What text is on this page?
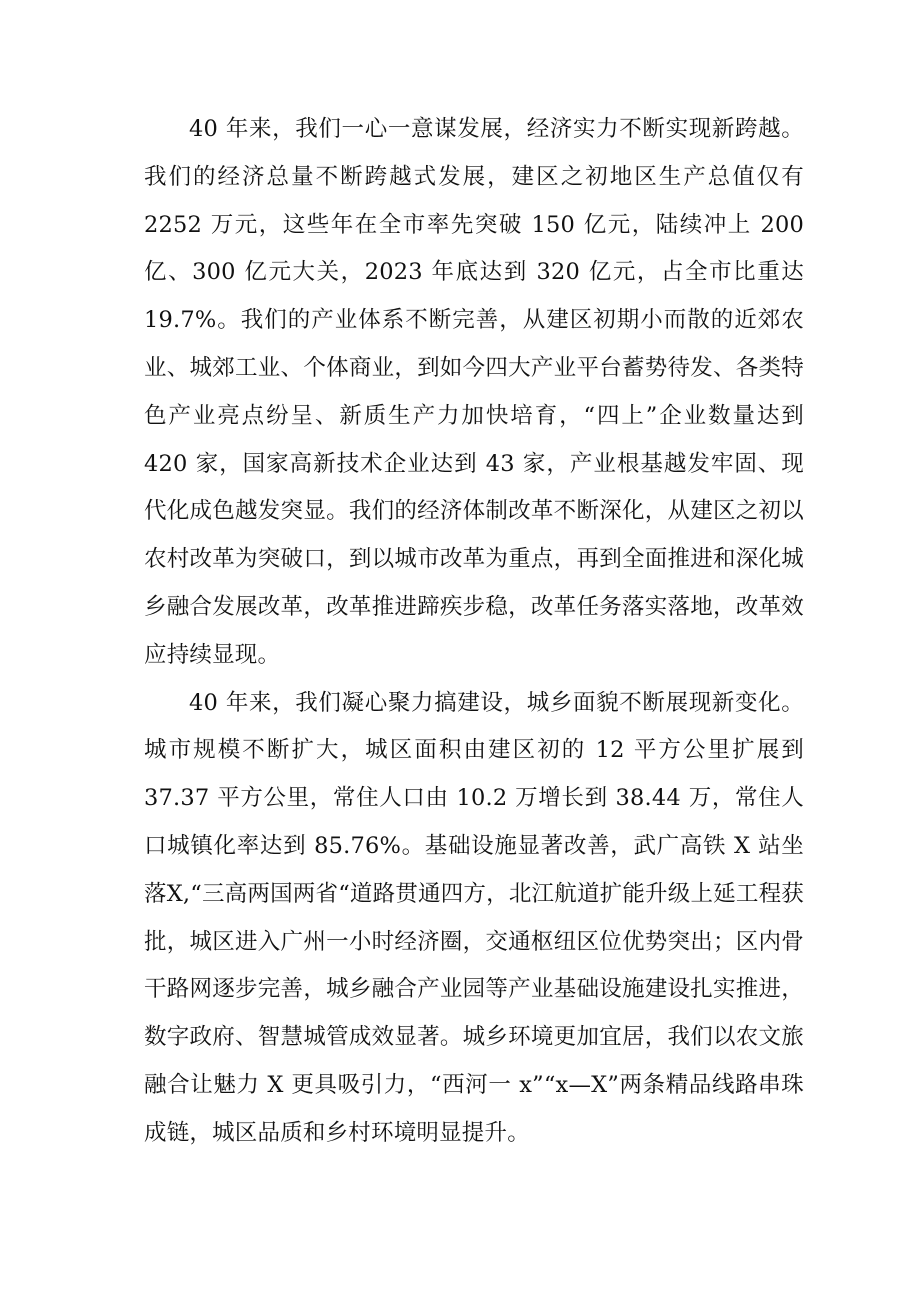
40 年来，我们一心一意谋发展，经济实力不断实现新跨越。我们的经济总量不断跨越式发展，建区之初地区生产总值仅有2252 万元，这些年在全市率先突破 150 亿元，陆续冲上 200 亿、300 亿元大关，2023 年底达到 320 亿元，占全市比重达 19.7%。我们的产业体系不断完善，从建区初期小而散的近郊农业、城郊工业、个体商业，到如今四大产业平台蓄势待发、各类特色产业亮点纷呈、新质生产力加快培育，“四上”企业数量达到 420 家，国家高新技术企业达到 43 家，产业根基越发牢固、现代化成色越发突显。我们的经济体制改革不断深化，从建区之初以农村改革为突破口，到以城市改革为重点，再到全面推进和深化城乡融合发展改革，改革推进蹄疾步稳，改革任务落实落地，改革效应持续显现。

40 年来，我们凝心聚力搞建设，城乡面貌不断展现新变化。城市规模不断扩大，城区面积由建区初的 12 平方公里扩展到37.37 平方公里，常住人口由 10.2 万增长到 38.44 万，常住人口城镇化率达到 85.76%。基础设施显著改善，武广高铁 X 站坐落X,“三高两国两省“道路贯通四方，北江航道扩能升级上延工程获批，城区进入广州一小时经济圈，交通枢纽区位优势突出；区内骨干路网逐步完善，城乡融合产业园等产业基础设施建设扎实推进，数字政府、智慧城管成效显著。城乡环境更加宜居，我们以农文旅融合让魅力 X 更具吸引力，“西河一 x”“x—X”两条精品线路串珠成链，城区品质和乡村环境明显提升。
